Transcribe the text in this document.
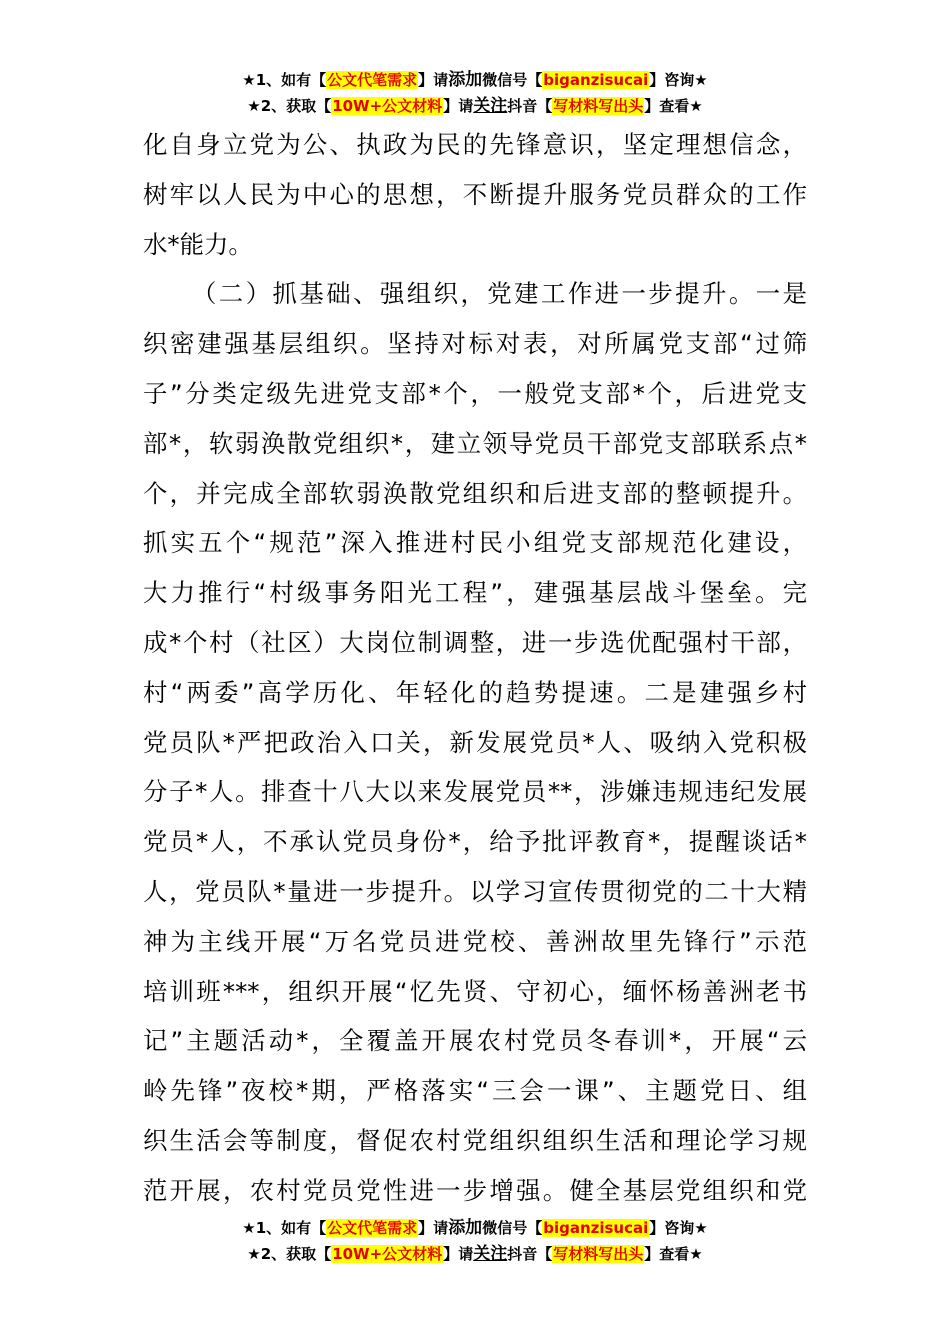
★1、如有【公文代笔需求】请添加微信号【biganzisucai】咨询★
★2、获取【10W+公文材料】请关注抖音【写材料写出头】查看★
化自身立党为公、执政为民的先锋意识，坚定理想信念，
树牢以人民为中心的思想，不断提升服务党员群众的工作
水*能力。
（二）抓基础、强组织，党建工作进一步提升。一是
织密建强基层组织。坚持对标对表，对所属党支部“过筛
子”分类定级先进党支部*个，一般党支部*个，后进党支
部*，软弱涣散党组织*，建立领导党员干部党支部联系点*
个，并完成全部软弱涣散党组织和后进支部的整顿提升。
抓实五个“规范”深入推进村民小组党支部规范化建设，
大力推行“村级事务阳光工程”，建强基层战斗堡垒。完
成*个村（社区）大岗位制调整，进一步选优配强村干部，
村“两委”高学历化、年轻化的趋势提速。二是建强乡村
党员队*严把政治入口关，新发展党员*人、吸纳入党积极
分子*人。排查十八大以来发展党员**，涉嫌违规违纪发展
党员*人，不承认党员身份*，给予批评教育*，提醒谈话*
人，党员队*量进一步提升。以学习宣传贯彻党的二十大精
神为主线开展“万名党员进党校、善洲故里先锋行”示范
培训班***，组织开展“忆先贤、守初心，缅怀杨善洲老书
记”主题活动*，全覆盖开展农村党员冬春训*，开展“云
岭先锋”夜校*期，严格落实“三会一课”、主题党日、组
织生活会等制度，督促农村党组织组织生活和理论学习规
范开展，农村党员党性进一步增强。健全基层党组织和党
★1、如有【公文代笔需求】请添加微信号【biganzisucai】咨询★
★2、获取【10W+公文材料】请关注抖音【写材料写出头】查看★
